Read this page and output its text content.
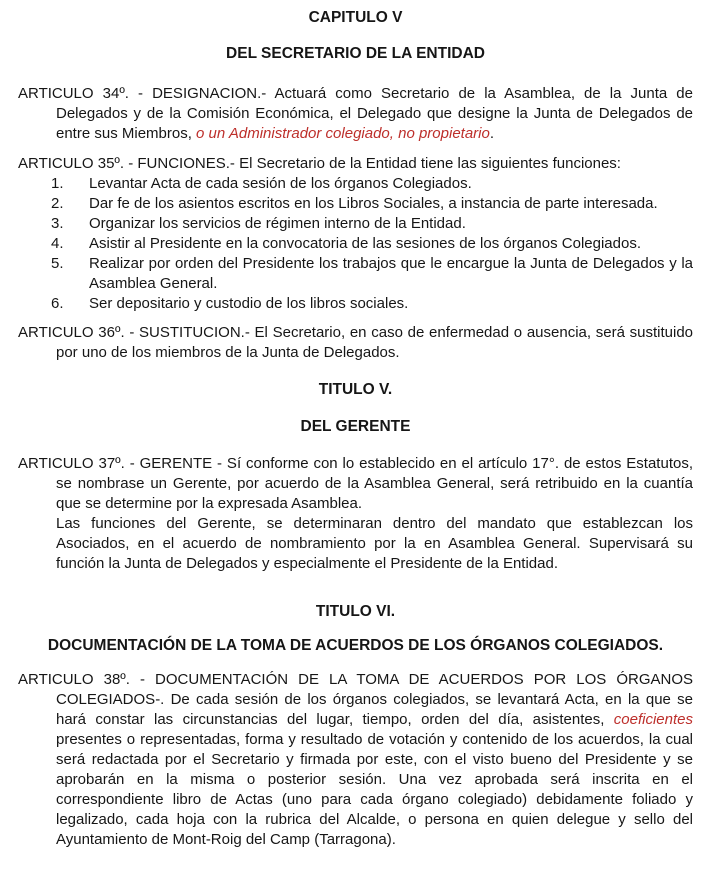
CAPITULO V
DEL SECRETARIO DE LA ENTIDAD

ARTICULO 34º. - DESIGNACION.- Actuará como Secretario de la Asamblea, de la Junta de Delegados y de la Comisión Económica, el Delegado que designe la Junta de Delegados de entre sus Miembros, o un Administrador colegiado, no propietario.

ARTICULO 35º. - FUNCIONES.- El Secretario de la Entidad tiene las siguientes funciones:

1. Levantar Acta de cada sesión de los órganos Colegiados.
2. Dar fe de los asientos escritos en los Libros Sociales, a instancia de parte interesada.
3. Organizar los servicios de régimen interno de la Entidad.
4. Asistir al Presidente en la convocatoria de las sesiones de los órganos Colegiados.
5. Realizar por orden del Presidente los trabajos que le encargue la Junta de Delegados y la Asamblea General.
6. Ser depositario y custodio de los libros sociales.

ARTICULO 36º. - SUSTITUCION.- El Secretario, en caso de enfermedad o ausencia, será sustituido por uno de los miembros de la Junta de Delegados.

TITULO V.
DEL GERENTE

ARTICULO 37º. - GERENTE - Sí conforme con lo establecido en el artículo 17°. de estos Estatutos, se nombrase un Gerente, por acuerdo de la Asamblea General, será retribuido en la cuantía que se determine por la expresada Asamblea.

Las funciones del Gerente, se determinaran dentro del mandato que establezcan los Asociados, en el acuerdo de nombramiento por la en Asamblea General. Supervisará su función la Junta de Delegados y especialmente el Presidente de la Entidad.

TITULO VI.
DOCUMENTACIÓN DE LA TOMA DE ACUERDOS DE LOS ÓRGANOS COLEGIADOS.

ARTICULO 38º. - DOCUMENTACIÓN DE LA TOMA DE ACUERDOS POR LOS ÓRGANOS COLEGIADOS-. De cada sesión de los órganos colegiados, se levantará Acta, en la que se hará constar las circunstancias del lugar, tiempo, orden del día, asistentes, coeficientes presentes o representadas, forma y resultado de votación y contenido de los acuerdos, la cual será redactada por el Secretario y firmada por este, con el visto bueno del Presidente y se aprobarán en la misma o posterior sesión. Una vez aprobada será inscrita en el correspondiente libro de Actas (uno para cada órgano colegiado) debidamente foliado y legalizado, cada hoja con la rubrica del Alcalde, o persona en quien delegue y sello del Ayuntamiento de Mont-Roig del Camp (Tarragona).
